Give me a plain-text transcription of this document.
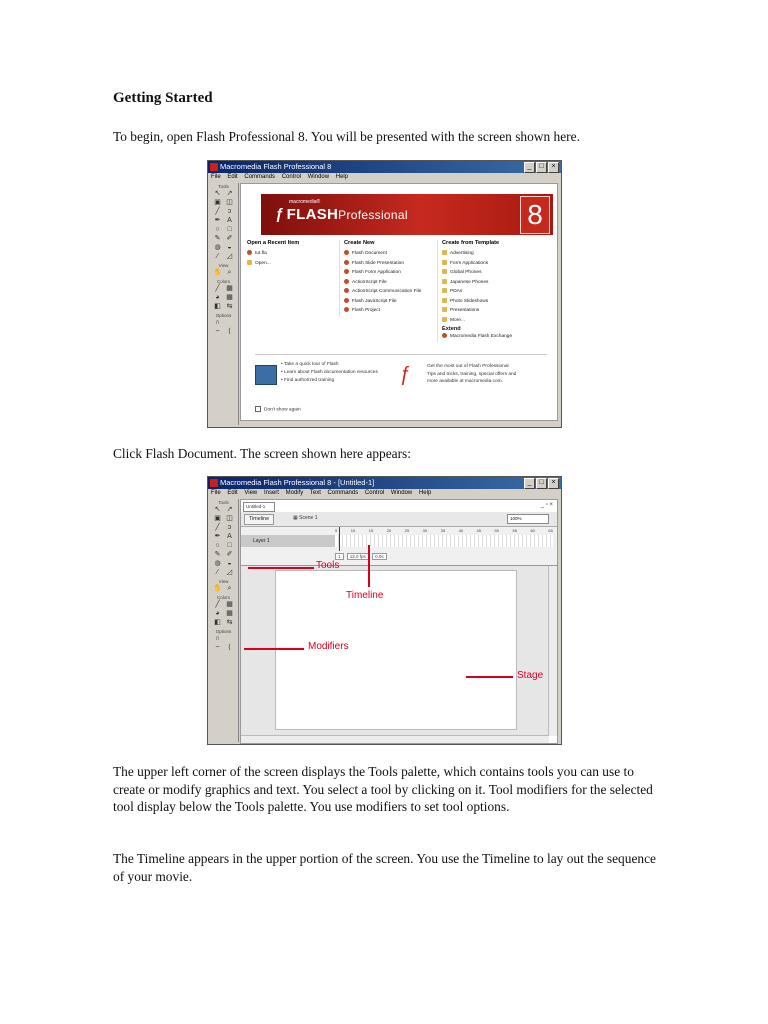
Getting Started

To begin, open Flash Professional 8. You will be presented with the screen shown here.

Click Flash Document. The screen shown here appears:

The upper left corner of the screen displays the Tools palette, which contains tools you can use to create or modify graphics and text. You select a tool by clicking on it. Tool modifiers for the selected tool display below the Tools palette. You use modifiers to set tool options.

The Timeline appears in the upper portion of the screen. You use the Timeline to lay out the sequence of your movie.

Macromedia Flash Professional 8	_	□	×
File Edit Commands Control Window Help
Tools
↖ ↗
▣ ◫
╱	ↄ
✒ A
○	□
✎ ✐
◍ ◒
⁄	◿
View
✋ ⌕
Colors
╱ ▦
◕ ▦
◧ ⇆
Options
∩
~	⟨
macromedia®
ƒ FLASHProfessional	8
Open a Recent Item
tut.fla
Open...
Create New
Flash Document
Flash Slide Presentation
Flash Form Application
ActionScript File
ActionScript Communication File
Flash JavaScript File
Flash Project
Create from Template
Advertising
Form Applications
Global Phones
Japanese Phones
PDAs
Photo Slideshows
Presentations
More...
Extend
Macromedia Flash Exchange
• Take a quick tour of Flash
• Learn about Flash documentation resources
• Find authorized training	ƒ	Get the most out of Flash Professional
Tips and tricks, training, special offers and
more available at macromedia.com.
Don't show again
Macromedia Flash Professional 8 - [Untitled-1]	_	□	×
File Edit View Insert Modify Text Commands Control Window Help
Tools
↖ ↗
▣ ◫
╱	ↄ
✒ A
○	□
✎ ✐
◍ ◒
⁄	◿
View
✋ ⌕
Colors
╱ ▦
◕ ▦
◧ ⇆
Options
∩
~	⟨
Untitled-1	_ ▫ ×
Timeline	▦ Scene 1	100%
5	10	15	20	25	30	35	40	45	50	55	60	65
Layer 1
1 12.0 fps 0.0s
Tools
Timeline
Modifiers
Stage
